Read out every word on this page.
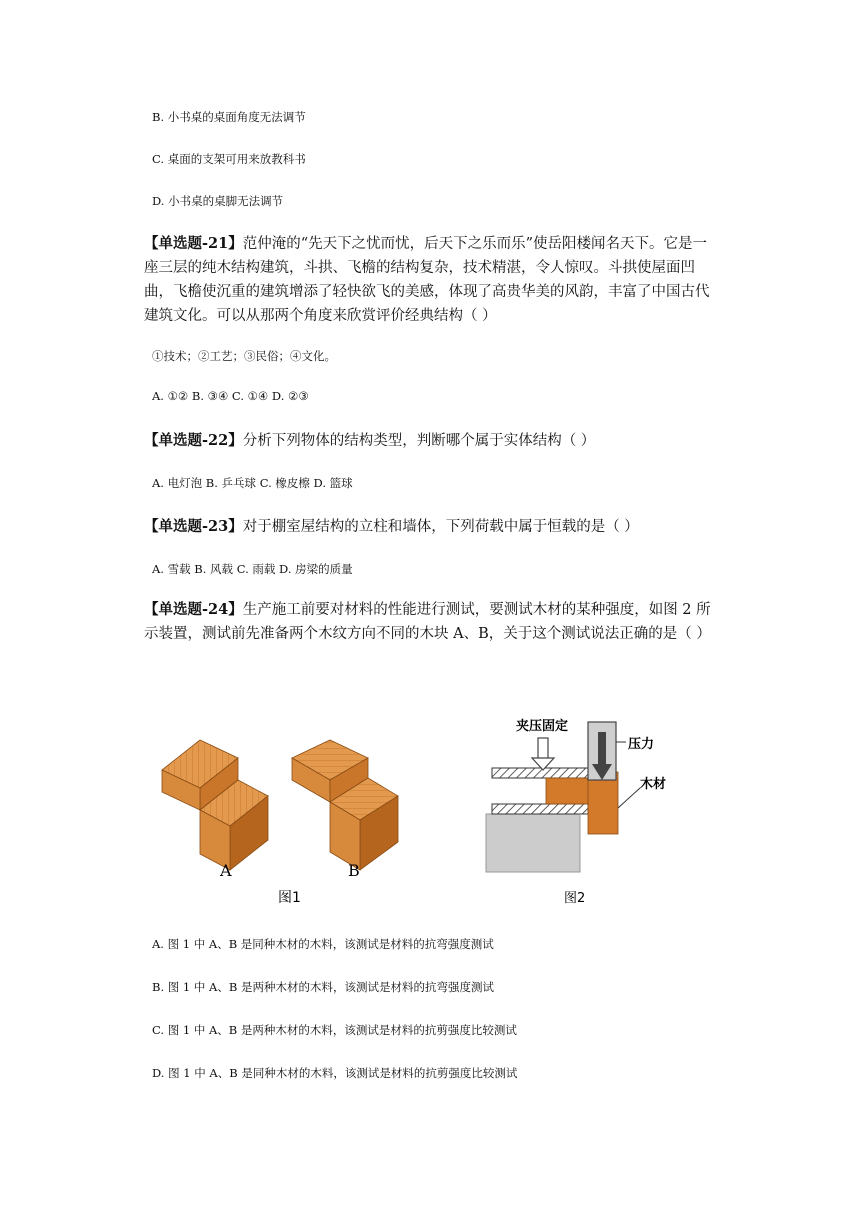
B. 小书桌的桌面角度无法调节
C. 桌面的支架可用来放教科书
D. 小书桌的桌脚无法调节
【单选题-21】范仲淹的“先天下之忧而忧，后天下之乐而乐”使岳阳楼闻名天下。它是一座三层的纯木结构建筑，斗拱、飞檐的结构复杂，技术精湛，令人惊叹。斗拱使屋面凹曲，飞檐使沉重的建筑增添了轻快欲飞的美感，体现了高贵华美的风韵，丰富了中国古代建筑文化。可以从那两个角度来欣赏评价经典结构（ ）
①技术；②工艺；③民俗；④文化。
A. ①② B. ③④ C. ①④ D. ②③
【单选题-22】分析下列物体的结构类型，判断哪个属于实体结构（ ）
A. 电灯泡 B. 乒乓球 C. 橡皮檫 D. 篮球
【单选题-23】对于棚室屋结构的立柱和墙体，下列荷载中属于恒载的是（ ）
A. 雪载 B. 风载 C. 雨载 D. 房梁的质量
【单选题-24】生产施工前要对材料的性能进行测试，要测试木材的某种强度，如图 2 所示装置，测试前先准备两个木纹方向不同的木块 A、B，关于这个测试说法正确的是（ ）
A	B
图1
夹压固定
压力
木材
图2
A. 图 1 中 A、B 是同种木材的木料，该测试是材料的抗弯强度测试
B. 图 1 中 A、B 是两种木材的木料，该测试是材料的抗弯强度测试
C. 图 1 中 A、B 是两种木材的木料，该测试是材料的抗剪强度比较测试
D. 图 1 中 A、B 是同种木材的木料，该测试是材料的抗剪强度比较测试
